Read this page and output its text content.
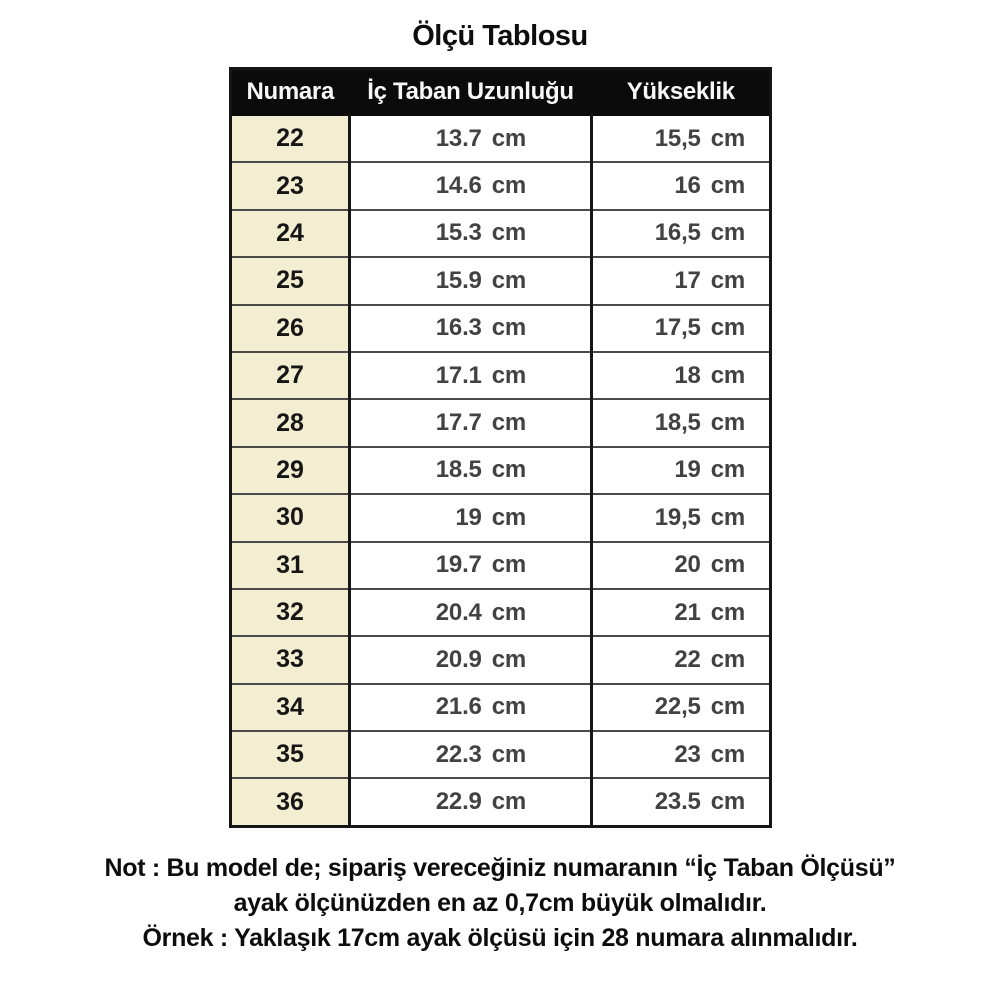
Ölçü Tablosu
Numara	İç Taban Uzunluğu	Yükseklik
22	13.7 cm	15,5 cm
23	14.6 cm	16 cm
24	15.3 cm	16,5 cm
25	15.9 cm	17 cm
26	16.3 cm	17,5 cm
27	17.1 cm	18 cm
28	17.7 cm	18,5 cm
29	18.5 cm	19 cm
30	19 cm	19,5 cm
31	19.7 cm	20 cm
32	20.4 cm	21 cm
33	20.9 cm	22 cm
34	21.6 cm	22,5 cm
35	22.3 cm	23 cm
36	22.9 cm	23.5 cm

Not : Bu model de; sipariş vereceğiniz numaranın “İç Taban Ölçüsü”

ayak ölçünüzden en az 0,7cm büyük olmalıdır.

Örnek : Yaklaşık 17cm ayak ölçüsü için 28 numara alınmalıdır.
